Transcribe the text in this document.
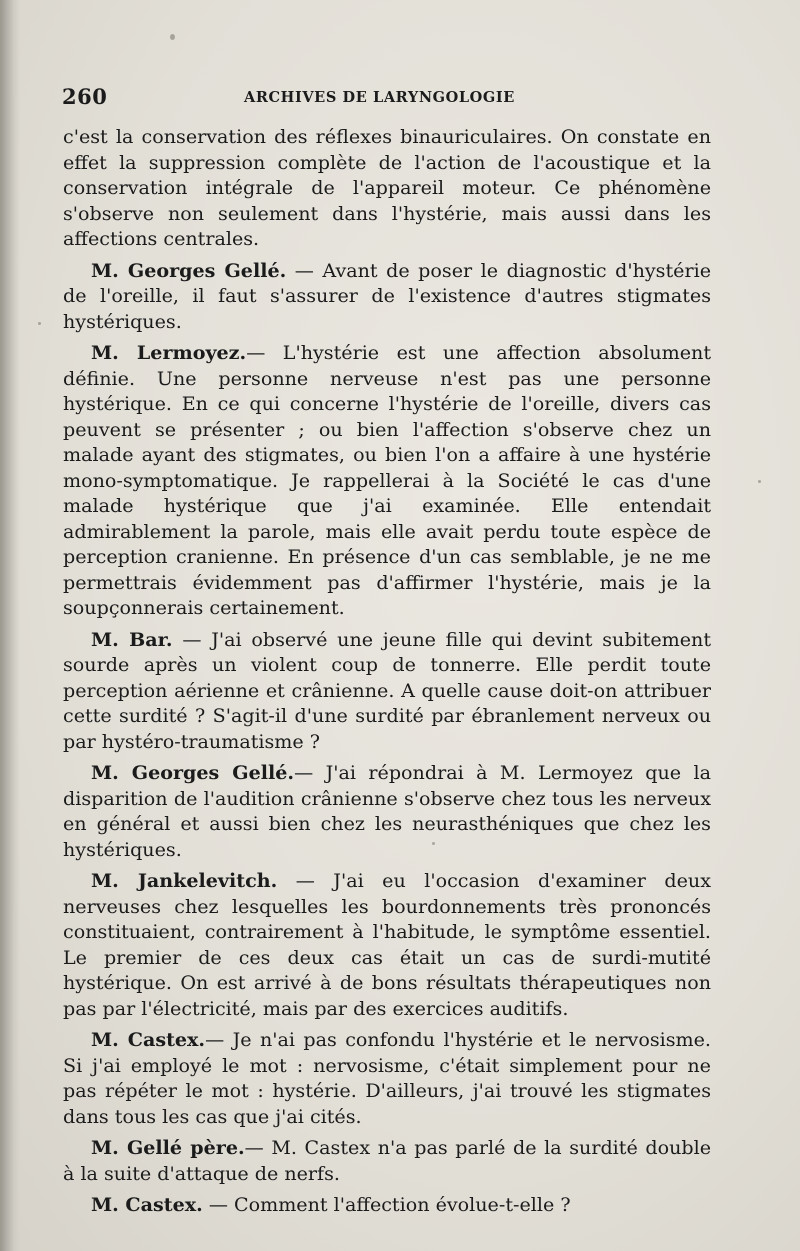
260	ARCHIVES DE LARYNGOLOGIE

c'est la conservation des réflexes binauriculaires. On constate en effet la suppression complète de l'action de l'acoustique et la conservation intégrale de l'appareil moteur. Ce phénomène s'observe non seulement dans l'hystérie, mais aussi dans les affections centrales.

M. Georges Gellé. — Avant de poser le diagnostic d'hystérie de l'oreille, il faut s'assurer de l'existence d'autres stigmates hystériques.

M. Lermoyez.— L'hystérie est une affection absolument définie. Une personne nerveuse n'est pas une personne hystérique. En ce qui concerne l'hystérie de l'oreille, divers cas peuvent se présenter ; ou bien l'affection s'observe chez un malade ayant des stigmates, ou bien l'on a affaire à une hystérie mono-symptomatique. Je rappellerai à la Société le cas d'une malade hystérique que j'ai examinée. Elle entendait admirablement la parole, mais elle avait perdu toute espèce de perception cranienne. En présence d'un cas semblable, je ne me permettrais évidemment pas d'affirmer l'hystérie, mais je la soupçonnerais certainement.

M. Bar. — J'ai observé une jeune fille qui devint subitement sourde après un violent coup de tonnerre. Elle perdit toute perception aérienne et crânienne. A quelle cause doit-on attribuer cette surdité ? S'agit-il d'une surdité par ébranlement nerveux ou par hystéro-traumatisme ?

M. Georges Gellé.— J'ai répondrai à M. Lermoyez que la disparition de l'audition crânienne s'observe chez tous les nerveux en général et aussi bien chez les neurasthéniques que chez les hystériques.

M. Jankelevitch. — J'ai eu l'occasion d'examiner deux nerveuses chez lesquelles les bourdonnements très prononcés constituaient, contrairement à l'habitude, le symptôme essentiel. Le premier de ces deux cas était un cas de surdi-mutité hystérique. On est arrivé à de bons résultats thérapeutiques non pas par l'électricité, mais par des exercices auditifs.

M. Castex.— Je n'ai pas confondu l'hystérie et le nervosisme. Si j'ai employé le mot : nervosisme, c'était simplement pour ne pas répéter le mot : hystérie. D'ailleurs, j'ai trouvé les stigmates dans tous les cas que j'ai cités.

M. Gellé père.— M. Castex n'a pas parlé de la surdité double à la suite d'attaque de nerfs.

M. Castex. — Comment l'affection évolue-t-elle ?
